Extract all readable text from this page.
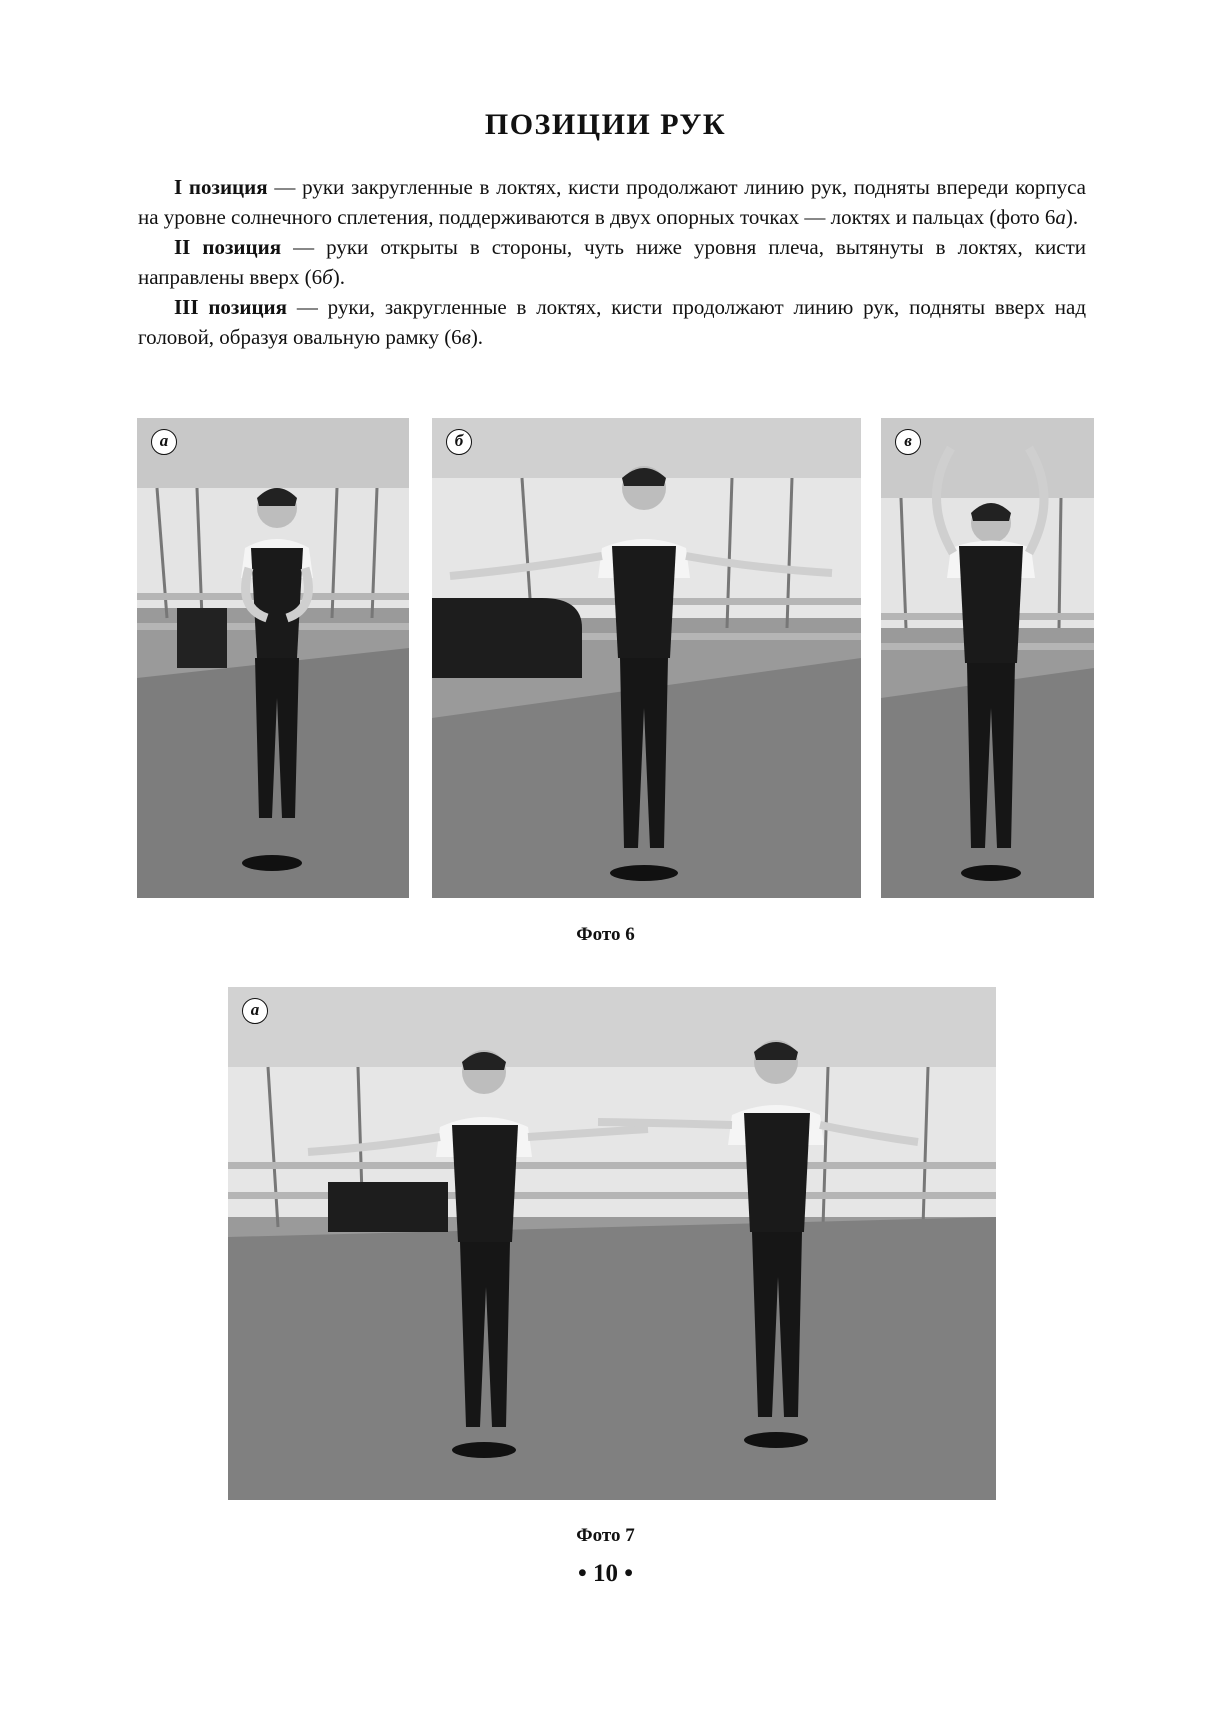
ПОЗИЦИИ РУК

I позиция — руки закругленные в локтях, кисти продолжают линию рук, подняты впереди корпуса на уровне солнечного сплетения, поддерживаются в двух опорных точках — локтях и пальцах (фото 6а).

II позиция — руки открыты в стороны, чуть ниже уровня плеча, вытянуты в локтях, кисти направлены вверх (6б).

III позиция — руки, закругленные в локтях, кисти продолжают линию рук, подняты вверх над головой, образуя овальную рамку (6в).

а	б	в
Фото 6
а
Фото 7
• 10 •
